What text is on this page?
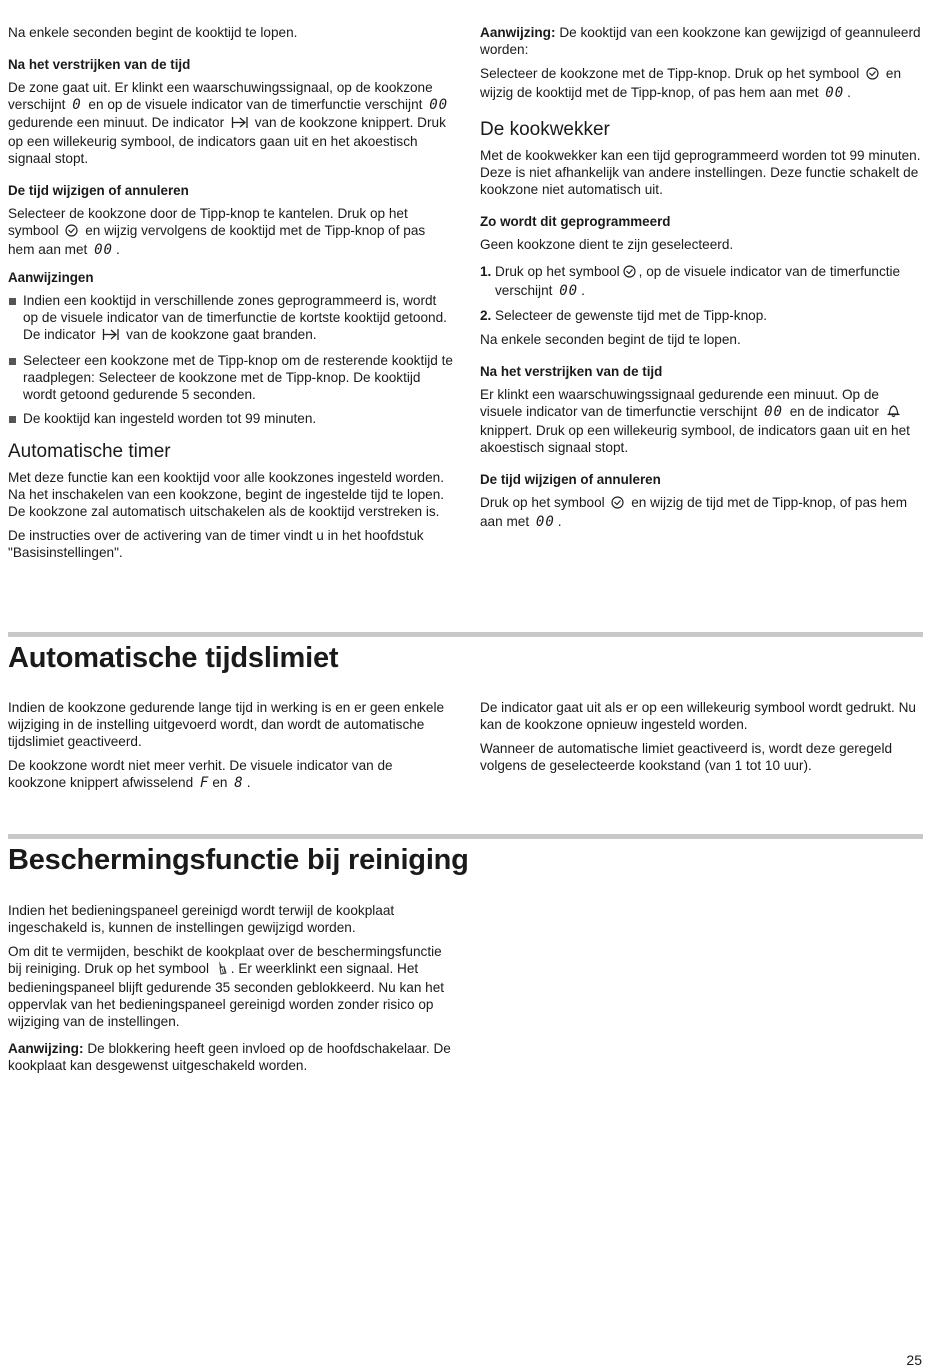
Na enkele seconden begint de kooktijd te lopen.

Na het verstrijken van de tijd

De zone gaat uit. Er klinkt een waarschuwingssignaal, op de kookzone verschijnt 0 en op de visuele indicator van de timerfunctie verschijnt 00 gedurende een minuut. De indicator van de kookzone knippert. Druk op een willekeurig symbool, de indicators gaan uit en het akoestisch signaal stopt.

De tijd wijzigen of annuleren

Selecteer de kookzone door de Tipp-knop te kantelen. Druk op het symbool en wijzig vervolgens de kooktijd met de Tipp-knop of pas hem aan met 00 .

Aanwijzingen
Indien een kooktijd in verschillende zones geprogrammeerd is, wordt op de visuele indicator van de timerfunctie de kortste kooktijd getoond. De indicator van de kookzone gaat branden.
Selecteer een kookzone met de Tipp-knop om de resterende kooktijd te raadplegen: Selecteer de kookzone met de Tipp-knop. De kooktijd wordt getoond gedurende 5 seconden.
De kooktijd kan ingesteld worden tot 99 minuten.
Automatische timer

Met deze functie kan een kooktijd voor alle kookzones ingesteld worden. Na het inschakelen van een kookzone, begint de ingestelde tijd te lopen. De kookzone zal automatisch uitschakelen als de kooktijd verstreken is.

De instructies over de activering van de timer vindt u in het hoofdstuk "Basisinstellingen".

Aanwijzing: De kooktijd van een kookzone kan gewijzigd of geannuleerd worden:

Selecteer de kookzone met de Tipp-knop. Druk op het symbool en wijzig de kooktijd met de Tipp-knop, of pas hem aan met 00 .

De kookwekker

Met de kookwekker kan een tijd geprogrammeerd worden tot 99 minuten. Deze is niet afhankelijk van andere instellingen. Deze functie schakelt de kookzone niet automatisch uit.

Zo wordt dit geprogrammeerd

Geen kookzone dient te zijn geselecteerd.

1. Druk op het symbool , op de visuele indicator van de timerfunctie verschijnt 00 .
2. Selecteer de gewenste tijd met de Tipp-knop.

Na enkele seconden begint de tijd te lopen.

Na het verstrijken van de tijd

Er klinkt een waarschuwingssignaal gedurende een minuut. Op de visuele indicator van de timerfunctie verschijnt 00 en de indicator  knippert. Druk op een willekeurig symbool, de indicators gaan uit en het akoestisch signaal stopt.

De tijd wijzigen of annuleren

Druk op het symbool en wijzig de tijd met de Tipp-knop, of pas hem aan met 00 .

Automatische tijdslimiet

Indien de kookzone gedurende lange tijd in werking is en er geen enkele wijziging in de instelling uitgevoerd wordt, dan wordt de automatische tijdslimiet geactiveerd.

De kookzone wordt niet meer verhit. De visuele indicator van de kookzone knippert afwisselend F en 8 .

De indicator gaat uit als er op een willekeurig symbool wordt gedrukt. Nu kan de kookzone opnieuw ingesteld worden.

Wanneer de automatische limiet geactiveerd is, wordt deze geregeld volgens de geselecteerde kookstand (van 1 tot 10 uur).

Beschermingsfunctie bij reiniging

Indien het bedieningspaneel gereinigd wordt terwijl de kookplaat ingeschakeld is, kunnen de instellingen gewijzigd worden.

Om dit te vermijden, beschikt de kookplaat over de beschermingsfunctie bij reiniging. Druk op het symbool . Er weerklinkt een signaal. Het bedieningspaneel blijft gedurende 35 seconden geblokkeerd. Nu kan het oppervlak van het bedieningspaneel gereinigd worden zonder risico op wijziging van de instellingen.

Aanwijzing: De blokkering heeft geen invloed op de hoofdschakelaar. De kookplaat kan desgewenst uitgeschakeld worden.

25
